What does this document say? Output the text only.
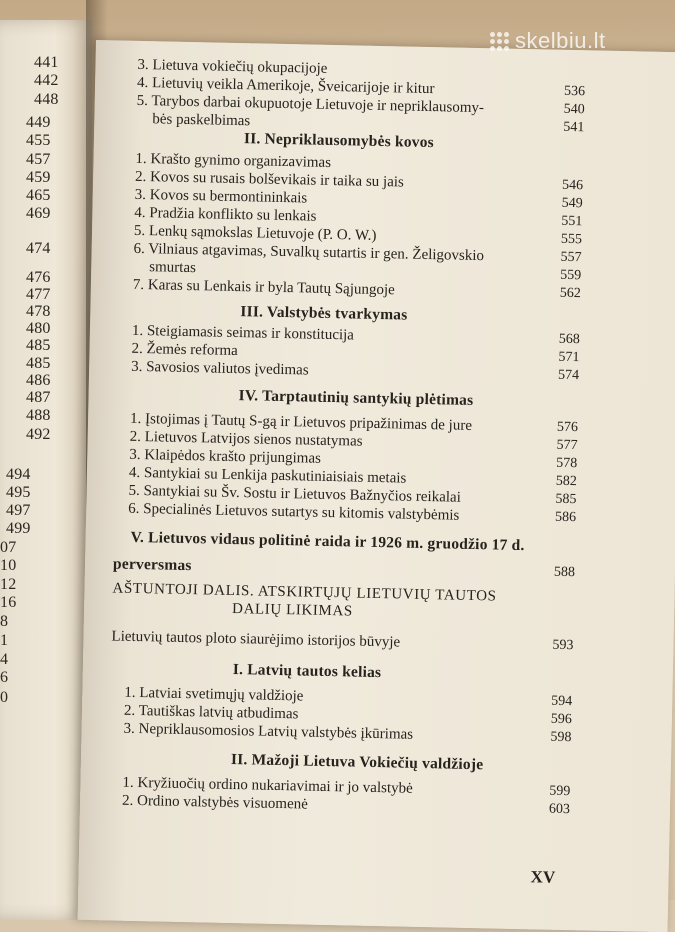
441
442
448
449
455
457
459
465
469
474
476
477
478
480
485
485
486
487
488
492
494
495
497
499
07
10
12
16
8
1
4
6
0
3. Lietuva vokiečių okupacijoje
4. Lietuvių veikla Amerikoje, Šveicarijoje ir kitur	536
5. Tarybos darbai okupuotoje Lietuvoje ir nepriklausomy-	540
bės paskelbimas	541
II. Nepriklausomybės kovos
1. Krašto gynimo organizavimas
2. Kovos su rusais bolševikais ir taika su jais	546
3. Kovos su bermontininkais	549
4. Pradžia konflikto su lenkais	551
5. Lenkų sąmokslas Lietuvoje (P. O. W.)	555
6. Vilniaus atgavimas, Suvalkų sutartis ir gen. Želigovskio	557
smurtas	559
7. Karas su Lenkais ir byla Tautų Sąjungoje	562
III. Valstybės tvarkymas
1. Steigiamasis seimas ir konstitucija	568
2. Žemės reforma	571
3. Savosios valiutos įvedimas	574
IV. Tarptautinių santykių plėtimas
1. Įstojimas į Tautų S-gą ir Lietuvos pripažinimas de jure	576
2. Lietuvos Latvijos sienos nustatymas	577
3. Klaipėdos krašto prijungimas	578
4. Santykiai su Lenkija paskutiniaisiais metais	582
5. Santykiai su Šv. Sostu ir Lietuvos Bažnyčios reikalai	585
6. Specialinės Lietuvos sutartys su kitomis valstybėmis	586
V. Lietuvos vidaus politinė raida ir 1926 m. gruodžio 17 d.
perversmas	588
AŠTUNTOJI DALIS. ATSKIRTŲJŲ LIETUVIŲ TAUTOS
DALIŲ LIKIMAS
Lietuvių tautos ploto siaurėjimo istorijos būvyje	593
I. Latvių tautos kelias
1. Latviai svetimųjų valdžioje	594
2. Tautiškas latvių atbudimas	596
3. Nepriklausomosios Latvių valstybės įkūrimas	598
II. Mažoji Lietuva Vokiečių valdžioje
1. Kryžiuočių ordino nukariavimai ir jo valstybė	599
2. Ordino valstybės visuomenė	603
XV
skelbiu.lt
